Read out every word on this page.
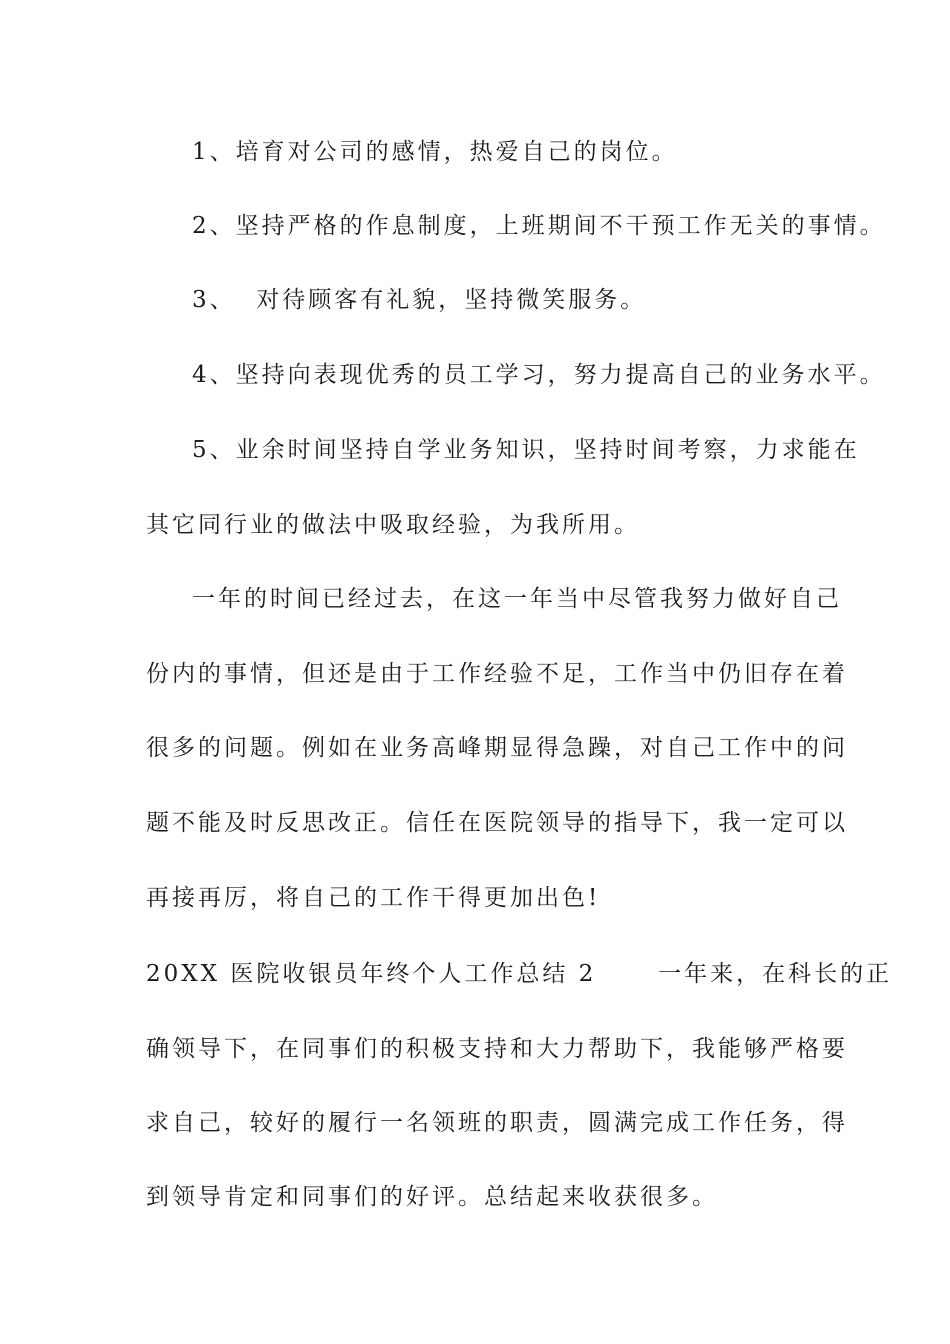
1、培育对公司的感情，热爱自己的岗位。
2、坚持严格的作息制度，上班期间不干预工作无关的事情。
3、  对待顾客有礼貌，坚持微笑服务。
4、坚持向表现优秀的员工学习，努力提高自己的业务水平。
5、业余时间坚持自学业务知识，坚持时间考察，力求能在
其它同行业的做法中吸取经验，为我所用。
一年的时间已经过去，在这一年当中尽管我努力做好自己
份内的事情，但还是由于工作经验不足，工作当中仍旧存在着
很多的问题。例如在业务高峰期显得急躁，对自己工作中的问
题不能及时反思改正。信任在医院领导的指导下，我一定可以
再接再厉，将自己的工作干得更加出色!
20XX 医院收银员年终个人工作总结 2      一年来，在科长的正
确领导下，在同事们的积极支持和大力帮助下，我能够严格要
求自己，较好的履行一名领班的职责，圆满完成工作任务，得
到领导肯定和同事们的好评。总结起来收获很多。
